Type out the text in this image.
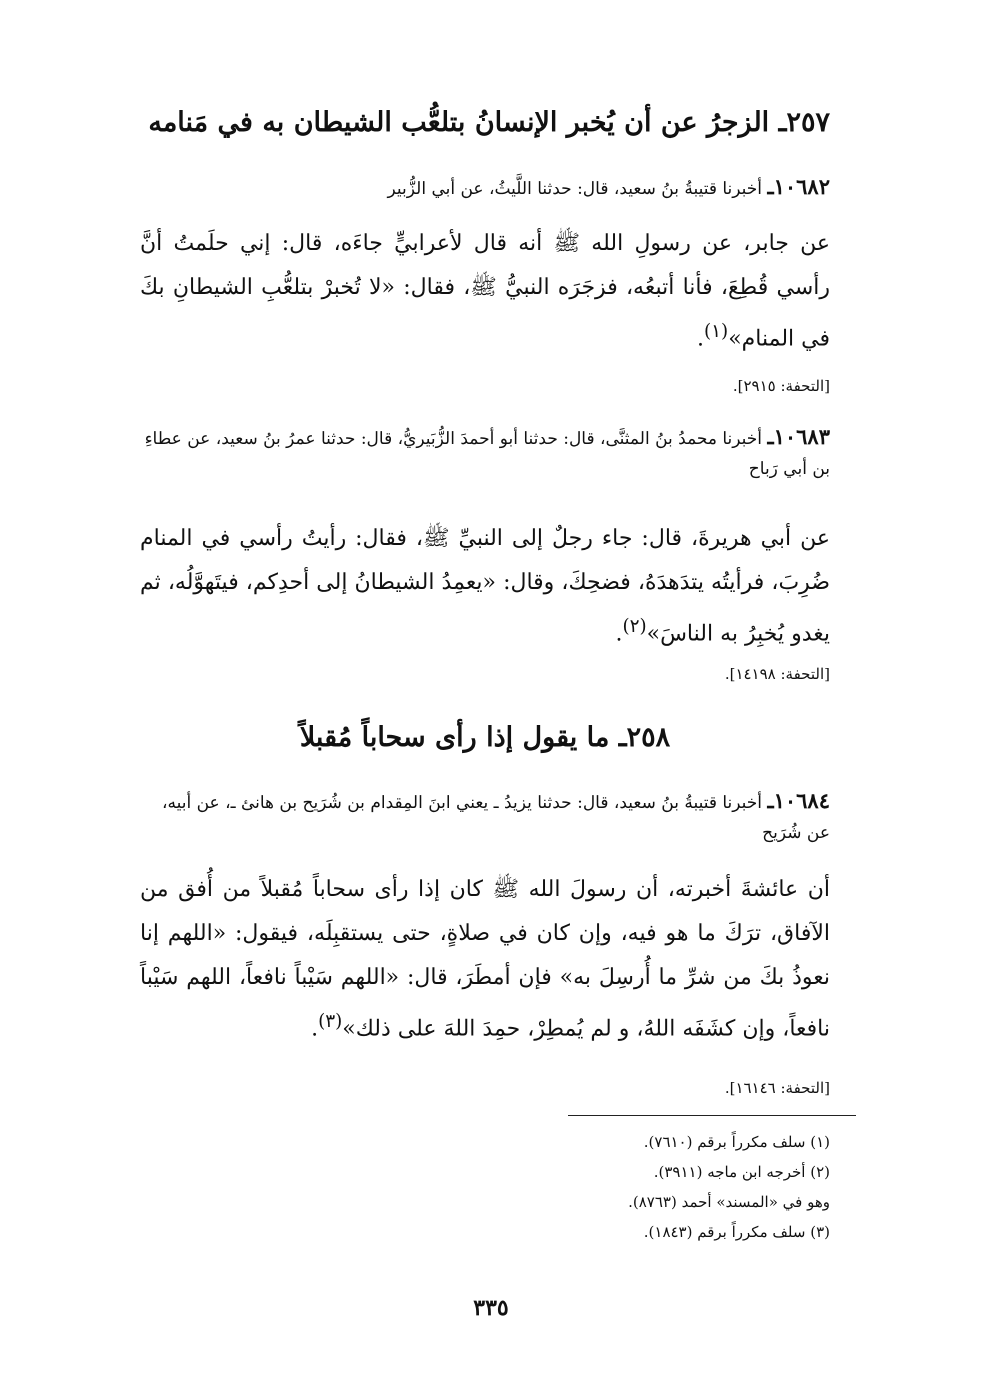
٢٥٧ـ الزجرُ عن أن يُخبر الإنسانُ بتلعُّب الشيطان به في مَنامه
١٠٦٨٢ـ أخبرنا قتيبةُ بنُ سعيد، قال: حدثنا اللَّيثُ، عن أبي الزُّبير
عن جابر، عن رسولِ الله ﷺ أنه قال لأعرابيٍّ جاءَه، قال: إني حلَمتُ أنَّ رأسي قُطِعَ، فأنا أتبعُه، فزجَرَه النبيُّ ﷺ، فقال: «لا تُخبرْ بتلعُّبِ الشيطانِ بكَ في المنام»$^{(١)}$.
[التحفة: ٢٩١٥].
١٠٦٨٣ـ أخبرنا محمدُ بنُ المثنَّى، قال: حدثنا أبو أحمدَ الزُّبَيريُّ، قال: حدثنا عمرُ بنُ سعيد، عن عطاءِ بن أبي رَباح
عن أبي هريرةَ، قال: جاء رجلٌ إلى النبيِّ ﷺ، فقال: رأيتُ رأسي في المنام ضُرِبَ، فرأيتُه يتدَهدَهُ، فضحِكَ، وقال: «يعمِدُ الشيطانُ إلى أحدِكم، فيتَهوَّلُه، ثم يغدو يُخبِرُ به الناسَ»$^{(٢)}$.
[التحفة: ١٤١٩٨].
٢٥٨ـ ما يقول إذا رأى سحاباً مُقبلاً
١٠٦٨٤ـ أخبرنا قتيبةُ بنُ سعيد، قال: حدثنا يزيدُ ـ يعني ابنَ المِقدام بن شُرَيح بن هانئ ـ، عن أبيه، عن شُرَيح
أن عائشةَ أخبرته، أن رسولَ الله ﷺ كان إذا رأى سحاباً مُقبلاً من أُفق من الآفاق، ترَكَ ما هو فيه، وإن كان في صلاةٍ، حتى يستقبِلَه، فيقول: «اللهم إنا نعوذُ بكَ من شرِّ ما أُرسِلَ به» فإن أمطَرَ، قال: «اللهم سَيْباً نافعاً، اللهم سَيْباً نافعاً، وإن كشَفَه اللهُ، و لم يُمطِرْ، حمِدَ اللهَ على ذلك»$^{(٣)}$.
[التحفة: ١٦١٤٦].
(١) سلف مكرراً برقم (٧٦١٠).
(٢) أخرجه ابن ماجه (٣٩١١).
وهو في «المسند» أحمد (٨٧٦٣).
(٣) سلف مكرراً برقم (١٨٤٣).
٣٣٥
